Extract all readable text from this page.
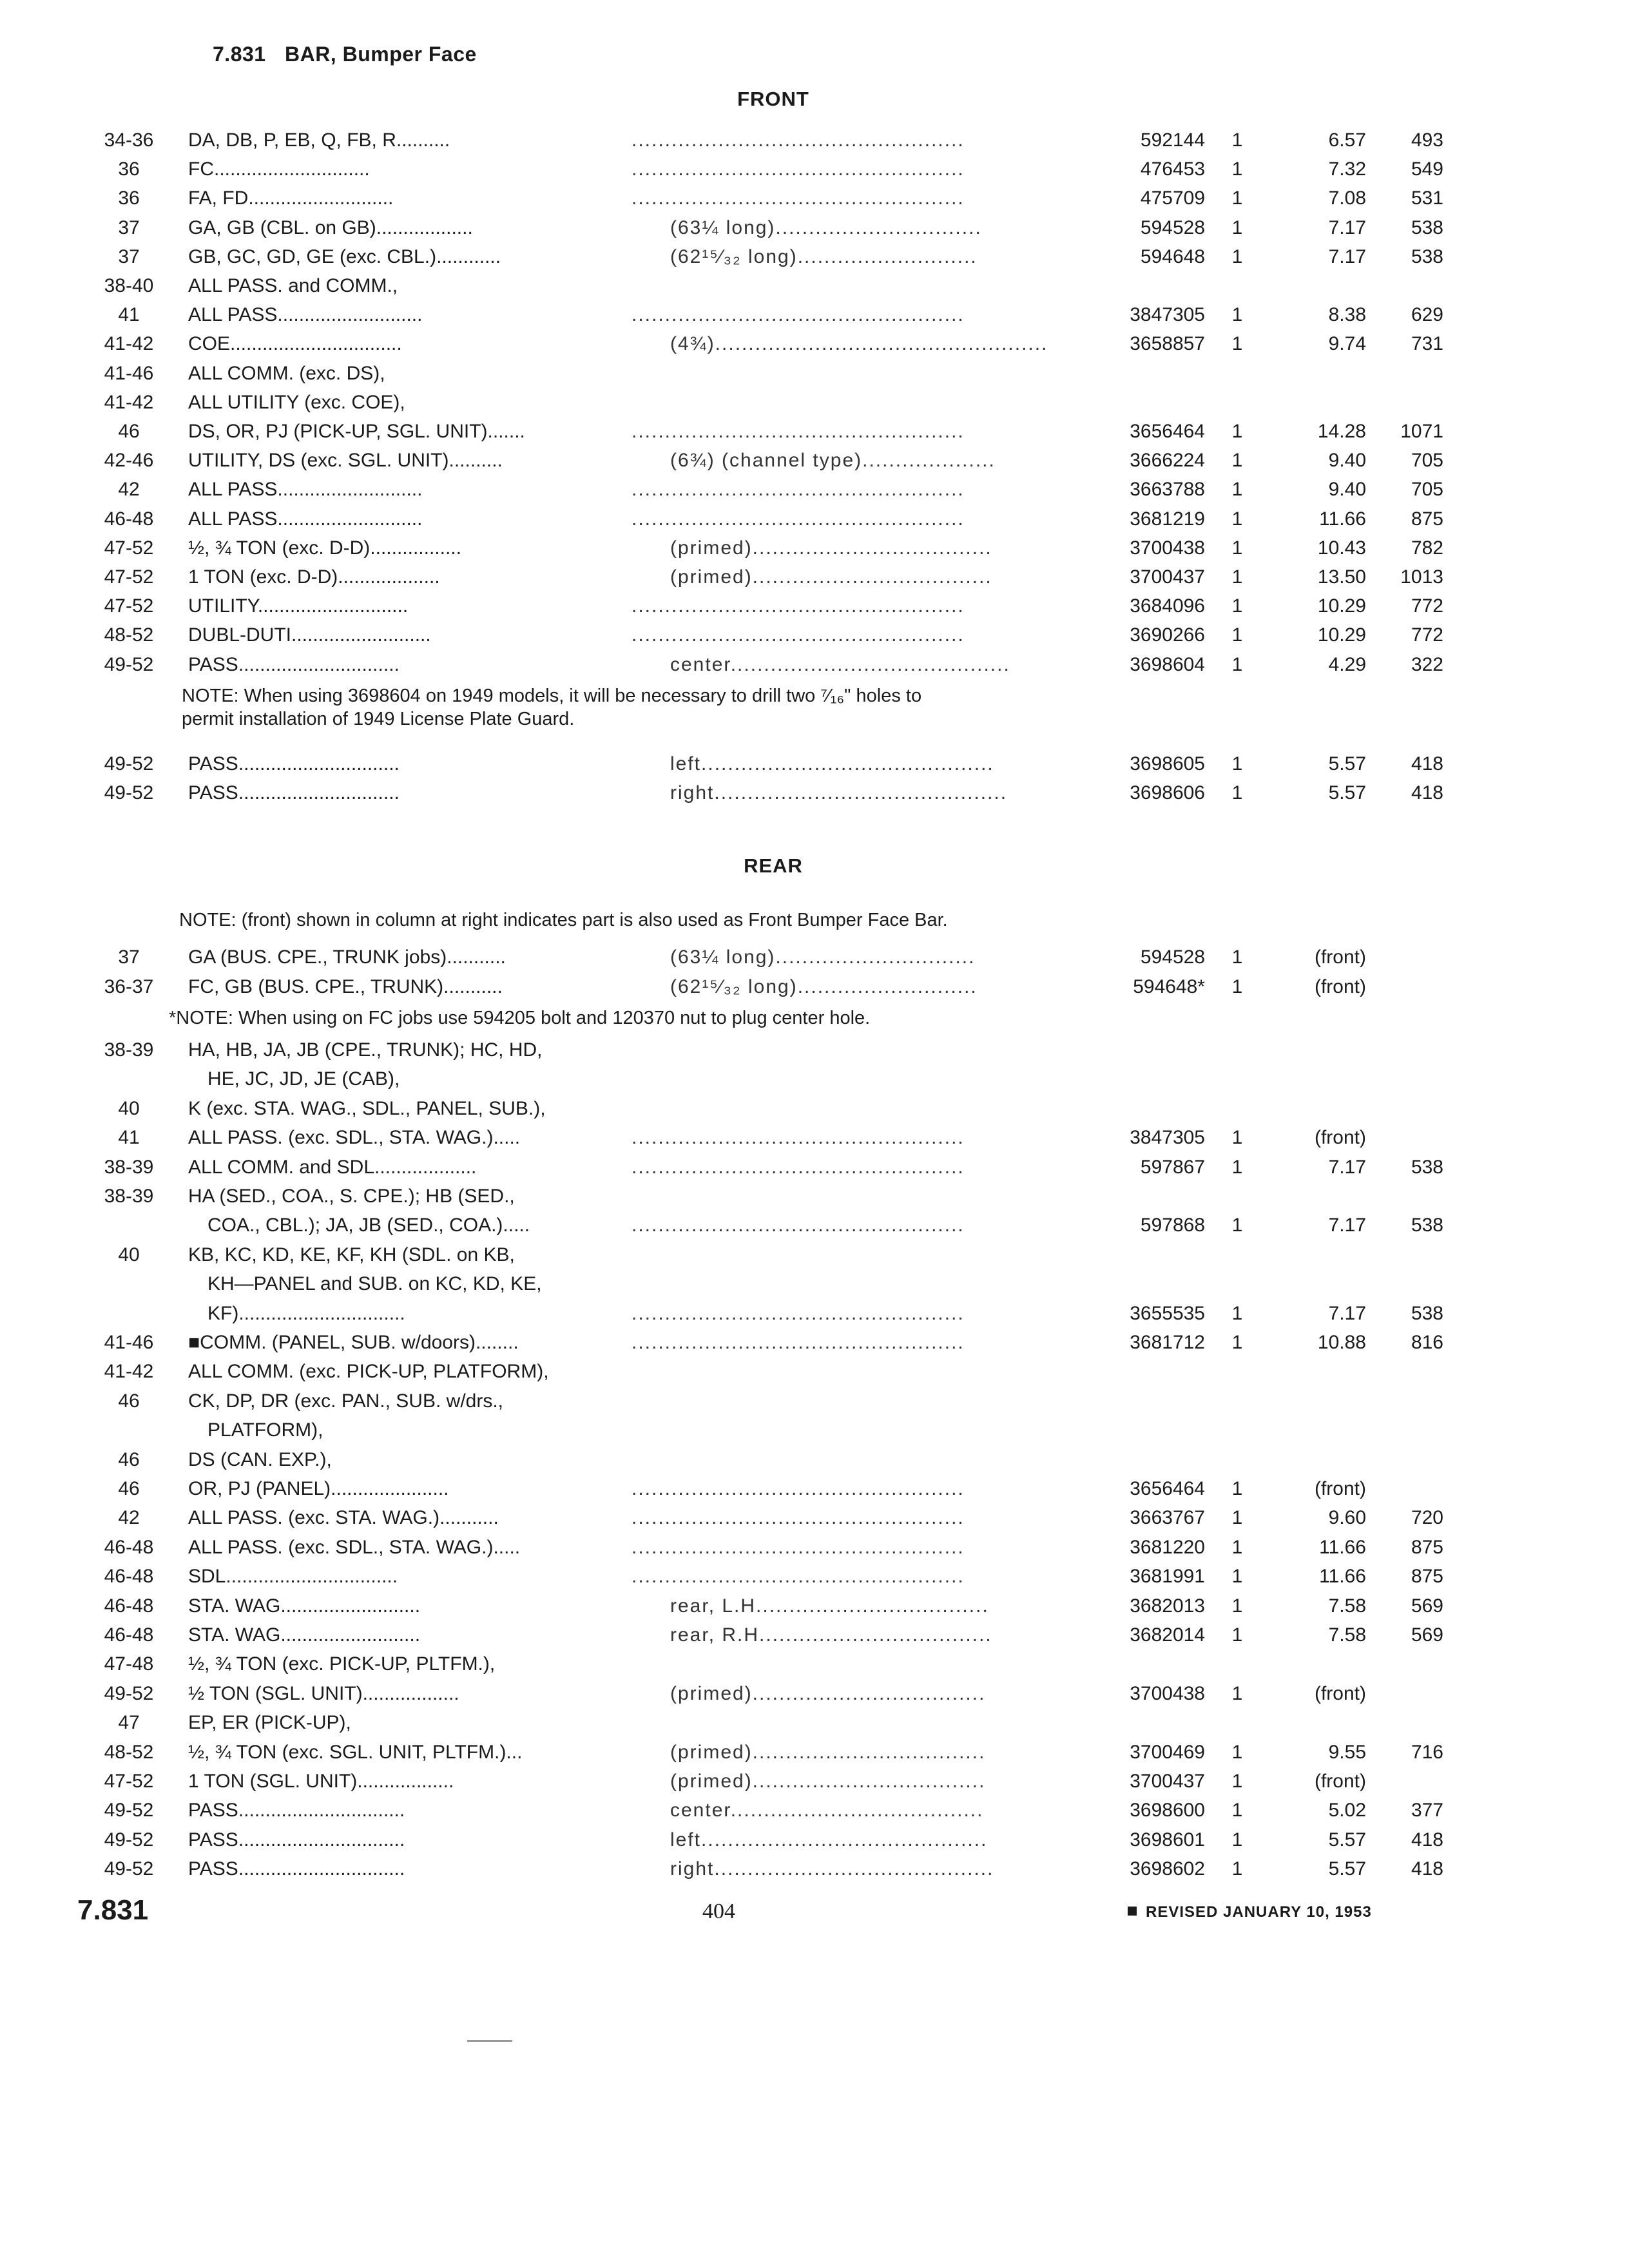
7.831 BAR, Bumper Face
FRONT
34-36	DA, DB, P, EB, Q, FB, R..........	..................................................	592144	1	6.57	493
36	FC.............................	..................................................	476453	1	7.32	549
36	FA, FD...........................	..................................................	475709	1	7.08	531
37	GA, GB (CBL. on GB)..................	(63¼ long)...............................	594528	1	7.17	538
37	GB, GC, GD, GE (exc. CBL.)............	(62¹⁵⁄₃₂ long)...........................	594648	1	7.17	538
38-40	ALL PASS. and COMM.,
41	ALL PASS...........................	..................................................	3847305	1	8.38	629
41-42	COE................................	(4¾)..................................................	3658857	1	9.74	731
41-46	ALL COMM. (exc. DS),
41-42	ALL UTILITY (exc. COE),
46	DS, OR, PJ (PICK-UP, SGL. UNIT).......	..................................................	3656464	1	14.28	1071
42-46	UTILITY, DS (exc. SGL. UNIT)..........	(6¾) (channel type)....................	3666224	1	9.40	705
42	ALL PASS...........................	..................................................	3663788	1	9.40	705
46-48	ALL PASS...........................	..................................................	3681219	1	11.66	875
47-52	½, ¾ TON (exc. D-D).................	(primed)....................................	3700438	1	10.43	782
47-52	1 TON (exc. D-D)...................	(primed)....................................	3700437	1	13.50	1013
47-52	UTILITY............................	..................................................	3684096	1	10.29	772
48-52	DUBL-DUTI..........................	..................................................	3690266	1	10.29	772
49-52	PASS..............................	center..........................................	3698604	1	4.29	322
NOTE: When using 3698604 on 1949 models, it will be necessary to drill two ⁷⁄₁₆" holes to
permit installation of 1949 License Plate Guard.
49-52	PASS..............................	left............................................	3698605	1	5.57	418
49-52	PASS..............................	right............................................	3698606	1	5.57	418
REAR
NOTE: (front) shown in column at right indicates part is also used as Front Bumper Face Bar.
37	GA (BUS. CPE., TRUNK jobs)...........	(63¼ long)..............................	594528	1	(front)
36-37	FC, GB (BUS. CPE., TRUNK)...........	(62¹⁵⁄₃₂ long)...........................	594648*	1	(front)
*NOTE: When using on FC jobs use 594205 bolt and 120370 nut to plug center hole.
38-39	HA, HB, JA, JB (CPE., TRUNK); HC, HD,
HE, JC, JD, JE (CAB),
40	K (exc. STA. WAG., SDL., PANEL, SUB.),
41	ALL PASS. (exc. SDL., STA. WAG.).....	..................................................	3847305	1	(front)
38-39	ALL COMM. and SDL...................	..................................................	597867	1	7.17	538
38-39	HA (SED., COA., S. CPE.); HB (SED.,
COA., CBL.); JA, JB (SED., COA.).....	..................................................	597868	1	7.17	538
40	KB, KC, KD, KE, KF, KH (SDL. on KB,
KH—PANEL and SUB. on KC, KD, KE,
KF)...............................	..................................................	3655535	1	7.17	538
41-46	■COMM. (PANEL, SUB. w/doors)........	..................................................	3681712	1	10.88	816
41-42	ALL COMM. (exc. PICK-UP, PLATFORM),
46	CK, DP, DR (exc. PAN., SUB. w/drs.,
PLATFORM),
46	DS (CAN. EXP.),
46	OR, PJ (PANEL)......................	..................................................	3656464	1	(front)
42	ALL PASS. (exc. STA. WAG.)...........	..................................................	3663767	1	9.60	720
46-48	ALL PASS. (exc. SDL., STA. WAG.).....	..................................................	3681220	1	11.66	875
46-48	SDL................................	..................................................	3681991	1	11.66	875
46-48	STA. WAG..........................	rear, L.H...................................	3682013	1	7.58	569
46-48	STA. WAG..........................	rear, R.H...................................	3682014	1	7.58	569
47-48	½, ¾ TON (exc. PICK-UP, PLTFM.),
49-52	½ TON (SGL. UNIT)..................	(primed)...................................	3700438	1	(front)
47	EP, ER (PICK-UP),
48-52	½, ¾ TON (exc. SGL. UNIT, PLTFM.)...	(primed)...................................	3700469	1	9.55	716
47-52	1 TON (SGL. UNIT)..................	(primed)...................................	3700437	1	(front)
49-52	PASS...............................	center......................................	3698600	1	5.02	377
49-52	PASS...............................	left...........................................	3698601	1	5.57	418
49-52	PASS...............................	right..........................................	3698602	1	5.57	418
7.831	404	REVISED JANUARY 10, 1953
